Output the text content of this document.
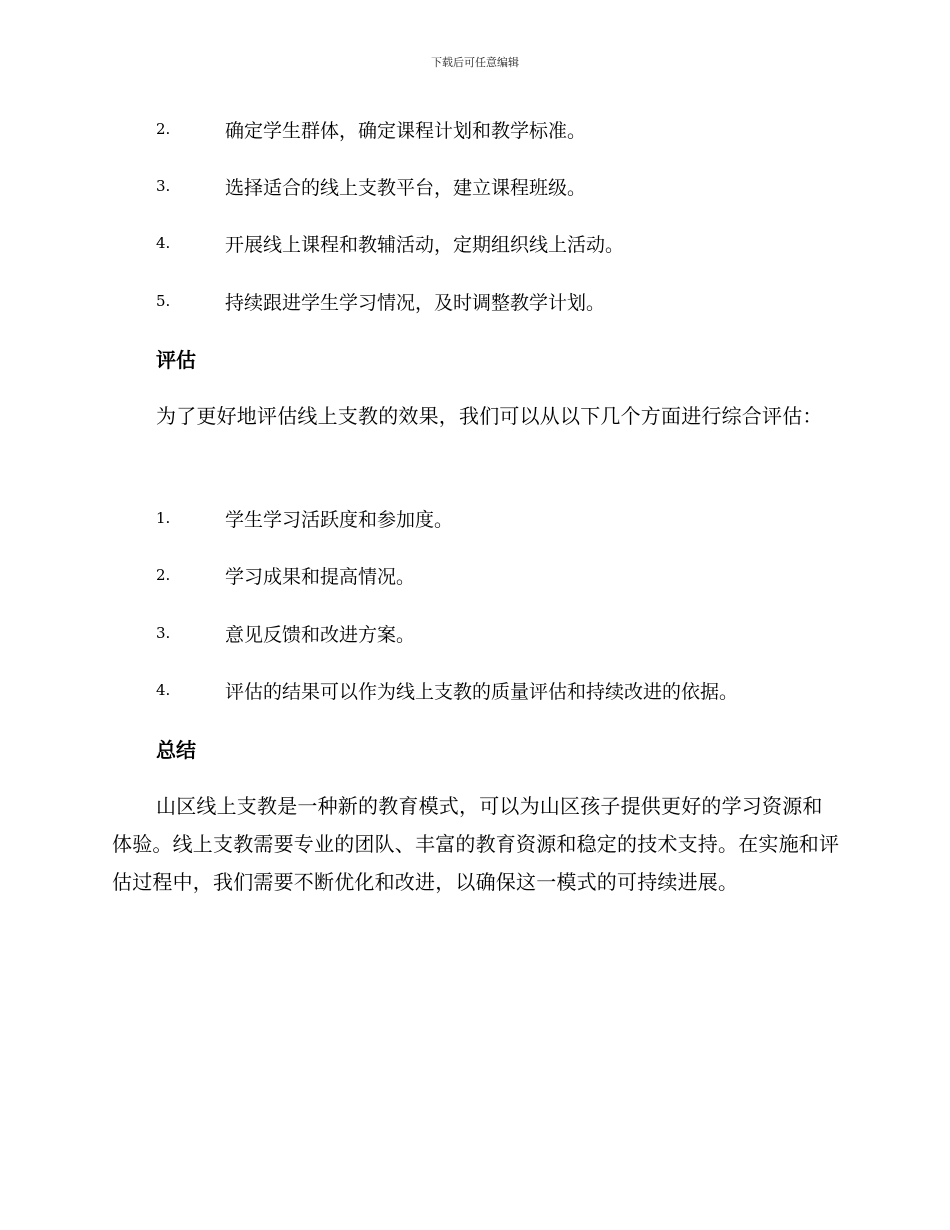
下载后可任意编辑
2.	确定学生群体，确定课程计划和教学标准。
3.	选择适合的线上支教平台，建立课程班级。
4.	开展线上课程和教辅活动，定期组织线上活动。
5.	持续跟进学生学习情况，及时调整教学计划。
评估
为了更好地评估线上支教的效果，我们可以从以下几个方面进行综合评估：
1.	学生学习活跃度和参加度。
2.	学习成果和提高情况。
3.	意见反馈和改进方案。
4.	评估的结果可以作为线上支教的质量评估和持续改进的依据。
总结
山区线上支教是一种新的教育模式，可以为山区孩子提供更好的学习资源和体验。线上支教需要专业的团队、丰富的教育资源和稳定的技术支持。在实施和评估过程中，我们需要不断优化和改进，以确保这一模式的可持续进展。
